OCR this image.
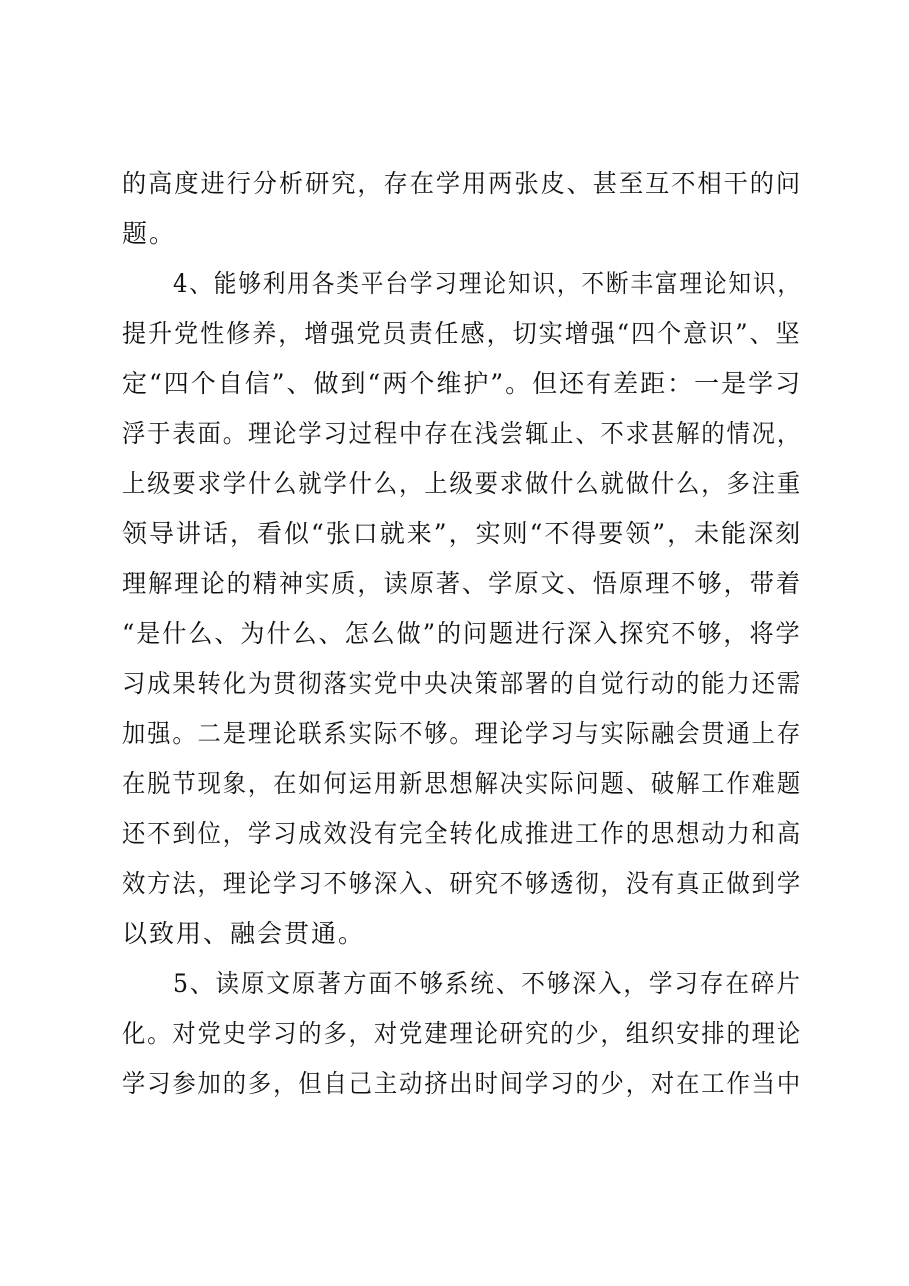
的高度进行分析研究，存在学用两张皮、甚至互不相干的问
题。
4、能够利用各类平台学习理论知识，不断丰富理论知识，
提升党性修养，增强党员责任感，切实增强“四个意识”、坚
定“四个自信”、做到“两个维护”。但还有差距：一是学习
浮于表面。理论学习过程中存在浅尝辄止、不求甚解的情况，
上级要求学什么就学什么，上级要求做什么就做什么，多注重
领导讲话，看似“张口就来”，实则“不得要领”，未能深刻
理解理论的精神实质，读原著、学原文、悟原理不够，带着
“是什么、为什么、怎么做”的问题进行深入探究不够，将学
习成果转化为贯彻落实党中央决策部署的自觉行动的能力还需
加强。二是理论联系实际不够。理论学习与实际融会贯通上存
在脱节现象，在如何运用新思想解决实际问题、破解工作难题
还不到位，学习成效没有完全转化成推进工作的思想动力和高
效方法，理论学习不够深入、研究不够透彻，没有真正做到学
以致用、融会贯通。
5、读原文原著方面不够系统、不够深入，学习存在碎片
化。对党史学习的多，对党建理论研究的少，组织安排的理论
学习参加的多，但自己主动挤出时间学习的少，对在工作当中
